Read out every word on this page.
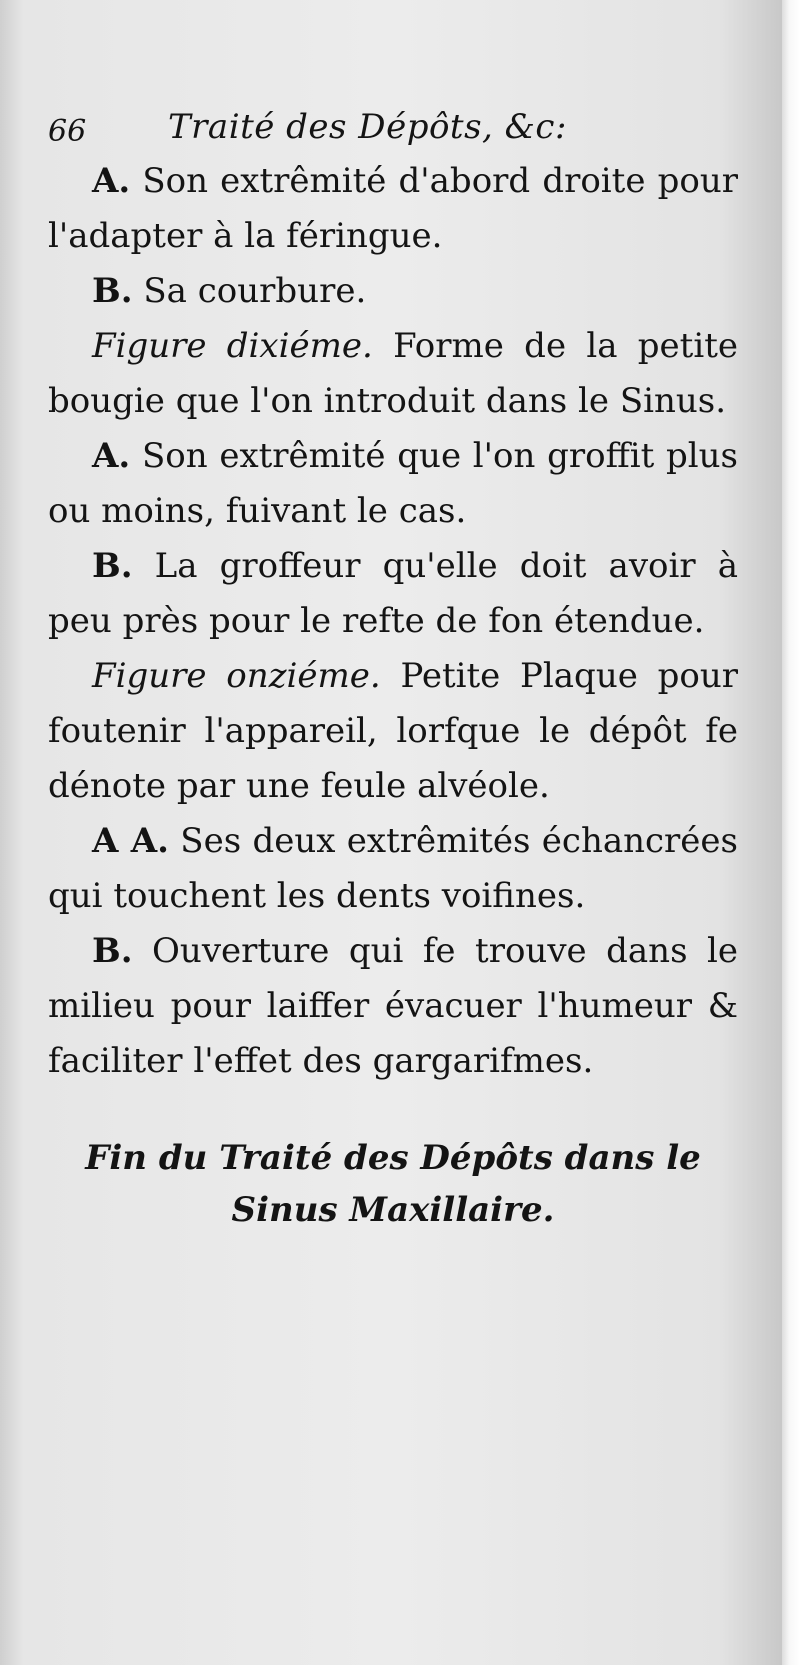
66 Traité des Dépôts, &c:

A. Son extrêmité d'abord droite pour l'adapter à la féringue.

B. Sa courbure.

Figure dixiéme. Forme de la petite bougie que l'on introduit dans le Sinus.

A. Son extrêmité que l'on groffit plus ou moins, fuivant le cas.

B. La groffeur qu'elle doit avoir à peu près pour le refte de fon étendue.

Figure onziéme. Petite Plaque pour foutenir l'appareil, lorfque le dépôt fe dénote par une feule alvéole.

A A. Ses deux extrêmités échancrées qui touchent les dents voifines.

B. Ouverture qui fe trouve dans le milieu pour laiffer évacuer l'humeur & faciliter l'effet des gargarifmes.

Fin du Traité des Dépôts dans le
Sinus Maxillaire.
